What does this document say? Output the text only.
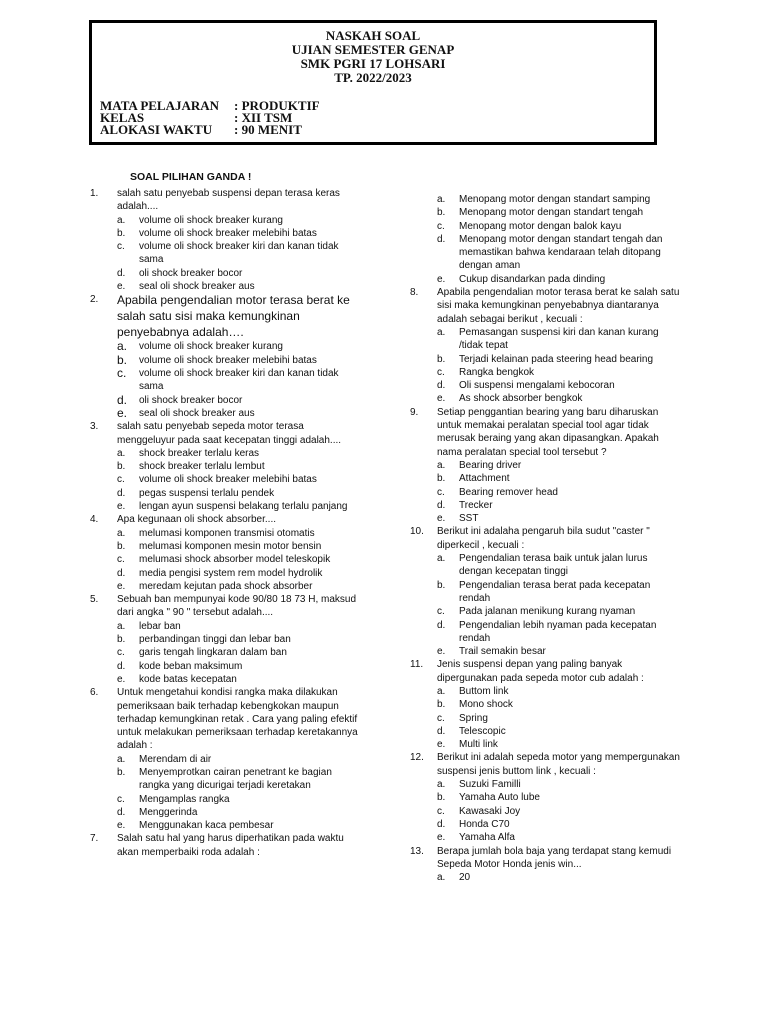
NASKAH SOAL
UJIAN SEMESTER GENAP
SMK PGRI 17 LOHSARI
TP. 2022/2023
MATA PELAJARAN : PRODUKTIF
KELAS	: XII TSM
ALOKASI WAKTU : 90 MENIT
SOAL PILIHAN GANDA !
1. salah satu penyebab suspensi depan terasa keras adalah....
a. volume oli shock breaker kurang
b. volume oli shock breaker melebihi batas
c. volume oli shock breaker kiri dan kanan tidak sama
d. oli shock breaker bocor
e. seal oli shock breaker aus
2. Apabila pengendalian motor terasa berat ke salah satu sisi maka kemungkinan penyebabnya adalah….
a. volume oli shock breaker kurang
b. volume oli shock breaker melebihi batas
c. volume oli shock breaker kiri dan kanan tidak sama
d. oli shock breaker bocor
e. seal oli shock breaker aus
3. salah satu penyebab sepeda motor terasa menggeluyur pada saat kecepatan tinggi adalah....
a. shock breaker terlalu keras
b. shock breaker terlalu lembut
c. volume oli shock breaker melebihi batas
d. pegas suspensi terlalu pendek
e. lengan ayun suspensi belakang terlalu panjang
4. Apa kegunaan oli shock absorber....
a. melumasi komponen transmisi otomatis
b. melumasi komponen mesin motor bensin
c. melumasi shock absorber model teleskopik
d. media pengisi system rem model hydrolik
e. meredam kejutan pada shock absorber
5. Sebuah ban mempunyai kode 90/80 18 73 H, maksud dari angka " 90 " tersebut adalah....
a. lebar ban
b. perbandingan tinggi dan lebar ban
c. garis tengah lingkaran dalam ban
d. kode beban maksimum
e. kode batas kecepatan
6. Untuk mengetahui kondisi rangka maka dilakukan pemeriksaan baik terhadap kebengkokan maupun terhadap kemungkinan retak . Cara yang paling efektif untuk melakukan pemeriksaan terhadap keretakannya adalah :
a. Merendam di air
b. Menyemprotkan cairan penetrant ke bagian rangka yang dicurigai terjadi keretakan
c. Mengamplas rangka
d. Menggerinda
e. Menggunakan kaca pembesar
7. Salah satu hal yang harus diperhatikan pada waktu akan memperbaiki roda adalah :
a. Menopang motor dengan standart samping
b. Menopang motor dengan standart tengah
c. Menopang motor dengan balok kayu
d. Menopang motor dengan standart tengah dan memastikan bahwa kendaraan telah ditopang dengan aman
e. Cukup disandarkan pada dinding
8. Apabila pengendalian motor terasa berat ke salah satu sisi maka kemungkinan penyebabnya diantaranya adalah sebagai berikut , kecuali :
a. Pemasangan suspensi kiri dan kanan kurang /tidak tepat
b. Terjadi kelainan pada steering head bearing
c. Rangka bengkok
d. Oli suspensi mengalami kebocoran
e. As shock absorber bengkok
9. Setiap penggantian bearing yang baru diharuskan untuk memakai peralatan special tool agar tidak merusak beraing yang akan dipasangkan. Apakah nama peralatan special tool tersebut ?
a. Bearing driver
b. Attachment
c. Bearing remover head
d. Trecker
e. SST
10. Berikut ini adalaha pengaruh bila sudut "caster " diperkecil , kecuali :
a. Pengendalian terasa baik untuk jalan lurus dengan kecepatan tinggi
b. Pengendalian terasa berat pada kecepatan rendah
c. Pada jalanan menikung kurang nyaman
d. Pengendalian lebih nyaman pada kecepatan rendah
e. Trail semakin besar
11. Jenis suspensi depan yang paling banyak dipergunakan pada sepeda motor cub adalah :
a. Buttom link
b. Mono shock
c. Spring
d. Telescopic
e. Multi link
12. Berikut ini adalah sepeda motor yang mempergunakan suspensi jenis buttom link , kecuali :
a. Suzuki Familli
b. Yamaha Auto lube
c. Kawasaki Joy
d. Honda C70
e. Yamaha Alfa
13. Berapa jumlah bola baja yang terdapat stang kemudi Sepeda Motor Honda jenis win...
a. 20
